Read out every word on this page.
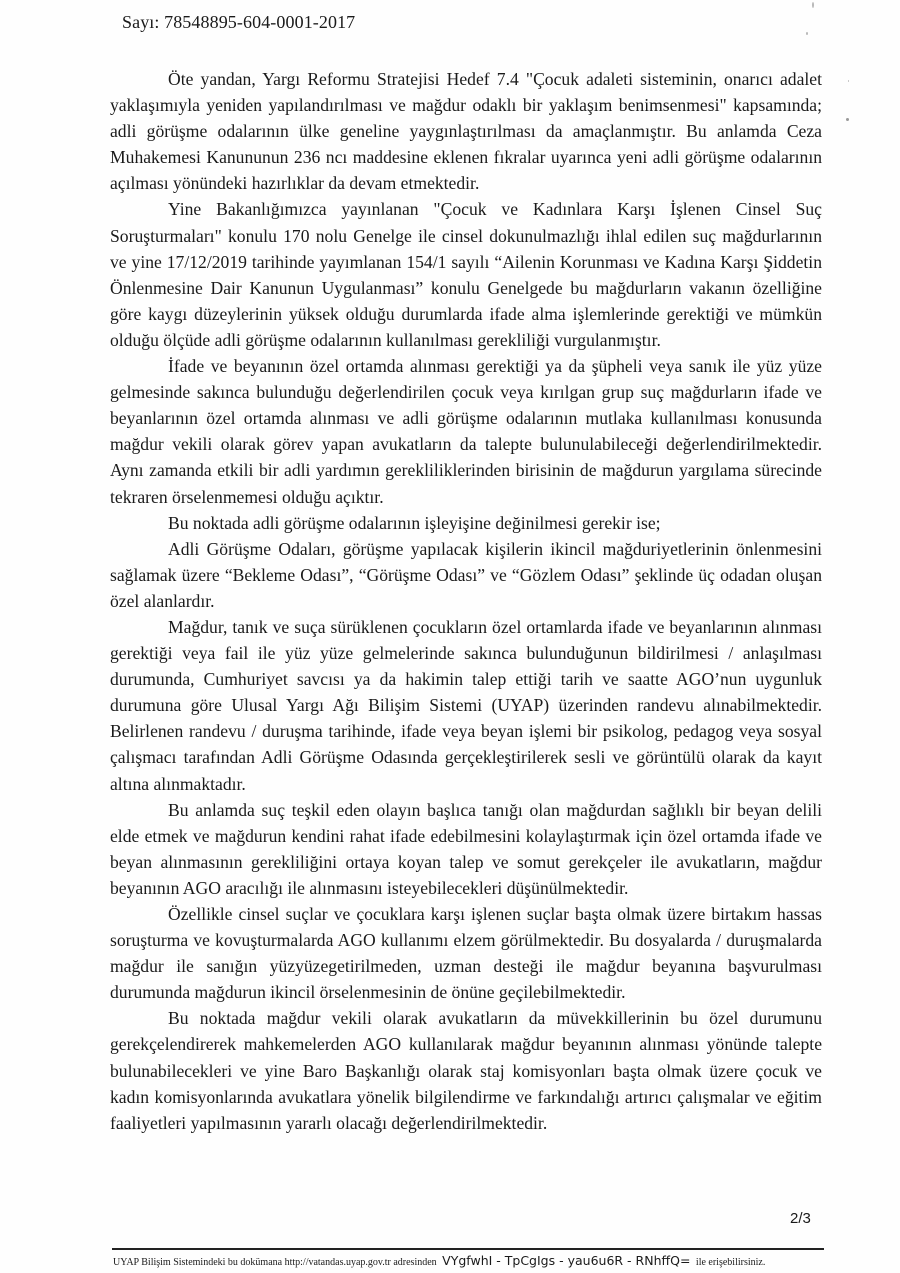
Sayı: 78548895-604-0001-2017

Öte yandan, Yargı Reformu Stratejisi Hedef 7.4 "Çocuk adaleti sisteminin, onarıcı adalet yaklaşımıyla yeniden yapılandırılması ve mağdur odaklı bir yaklaşım benimsenmesi" kapsamında; adli görüşme odalarının ülke geneline yaygınlaştırılması da amaçlanmıştır. Bu anlamda Ceza Muhakemesi Kanununun 236 ncı maddesine eklenen fıkralar uyarınca yeni adli görüşme odalarının açılması yönündeki hazırlıklar da devam etmektedir.

Yine Bakanlığımızca yayınlanan "Çocuk ve Kadınlara Karşı İşlenen Cinsel Suç Soruşturmaları" konulu 170 nolu Genelge ile cinsel dokunulmazlığı ihlal edilen suç mağdurlarının ve yine 17/12/2019 tarihinde yayımlanan 154/1 sayılı “Ailenin Korunması ve Kadına Karşı Şiddetin Önlenmesine Dair Kanunun Uygulanması” konulu Genelgede bu mağdurların vakanın özelliğine göre kaygı düzeylerinin yüksek olduğu durumlarda ifade alma işlemlerinde gerektiği ve mümkün olduğu ölçüde adli görüşme odalarının kullanılması gerekliliği vurgulanmıştır.

İfade ve beyanının özel ortamda alınması gerektiği ya da şüpheli veya sanık ile yüz yüze gelmesinde sakınca bulunduğu değerlendirilen çocuk veya kırılgan grup suç mağdurların ifade ve beyanlarının özel ortamda alınması ve adli görüşme odalarının mutlaka kullanılması konusunda mağdur vekili olarak görev yapan avukatların da talepte bulunulabileceği değerlendirilmektedir. Aynı zamanda etkili bir adli yardımın gerekliliklerinden birisinin de mağdurun yargılama sürecinde tekraren örselenmemesi olduğu açıktır.

Bu noktada adli görüşme odalarının işleyişine değinilmesi gerekir ise;

Adli Görüşme Odaları, görüşme yapılacak kişilerin ikincil mağduriyetlerinin önlenmesini sağlamak üzere “Bekleme Odası”, “Görüşme Odası” ve “Gözlem Odası” şeklinde üç odadan oluşan özel alanlardır.

Mağdur, tanık ve suça sürüklenen çocukların özel ortamlarda ifade ve beyanlarının alınması gerektiği veya fail ile yüz yüze gelmelerinde sakınca bulunduğunun bildirilmesi / anlaşılması durumunda, Cumhuriyet savcısı ya da hakimin talep ettiği tarih ve saatte AGO’nun uygunluk durumuna göre Ulusal Yargı Ağı Bilişim Sistemi (UYAP) üzerinden randevu alınabilmektedir. Belirlenen randevu / duruşma tarihinde, ifade veya beyan işlemi bir psikolog, pedagog veya sosyal çalışmacı tarafından Adli Görüşme Odasında gerçekleştirilerek sesli ve görüntülü olarak da kayıt altına alınmaktadır.

Bu anlamda suç teşkil eden olayın başlıca tanığı olan mağdurdan sağlıklı bir beyan delili elde etmek ve mağdurun kendini rahat ifade edebilmesini kolaylaştırmak için özel ortamda ifade ve beyan alınmasının gerekliliğini ortaya koyan talep ve somut gerekçeler ile avukatların, mağdur beyanının AGO aracılığı ile alınmasını isteyebilecekleri düşünülmektedir.

Özellikle cinsel suçlar ve çocuklara karşı işlenen suçlar başta olmak üzere birtakım hassas soruşturma ve kovuşturmalarda AGO kullanımı elzem görülmektedir. Bu dosyalarda / duruşmalarda mağdur ile sanığın yüzyüzegetirilmeden, uzman desteği ile mağdur beyanına başvurulması durumunda mağdurun ikincil örselenmesinin de önüne geçilebilmektedir.

Bu noktada mağdur vekili olarak avukatların da müvekkillerinin bu özel durumunu gerekçelendirerek mahkemelerden AGO kullanılarak mağdur beyanının alınması yönünde talepte bulunabilecekleri ve yine Baro Başkanlığı olarak staj komisyonları başta olmak üzere çocuk ve kadın komisyonlarında avukatlara yönelik bilgilendirme ve farkındalığı artırıcı çalışmalar ve eğitim faaliyetleri yapılmasının yararlı olacağı değerlendirilmektedir.

2/3
UYAP Bilişim Sistemindeki bu dokümana http://vatandas.uyap.gov.tr adresinden VYgfwhI - TpCgIgs - yau6u6R - RNhffQ= ile erişebilirsiniz.
